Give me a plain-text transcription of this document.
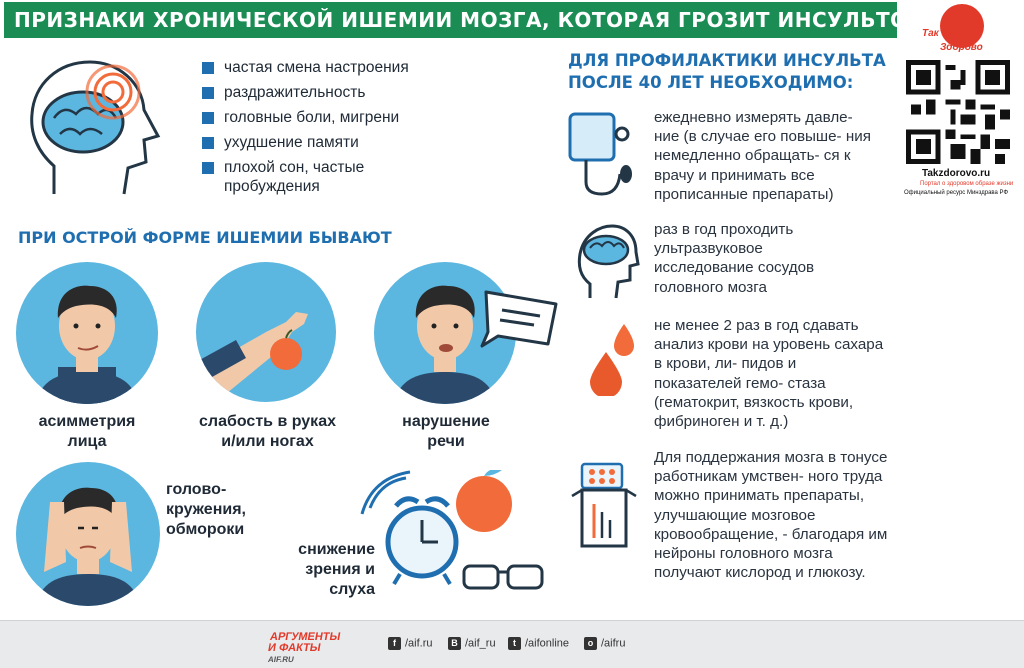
ПРИЗНАКИ ХРОНИЧЕСКОЙ ИШЕМИИ МОЗГА, КОТОРАЯ ГРОЗИТ ИНСУЛЬТОМ
частая смена настроения
раздражительность
головные боли, мигрени
ухудшение памяти
плохой сон, частые пробуждения
ПРИ ОСТРОЙ ФОРМЕ ИШЕМИИ БЫВАЮТ
асимметрия лица
слабость в руках и/или ногах
нарушение речи
голово- кружения, обмороки
снижение зрения и слуха
ДЛЯ ПРОФИЛАКТИКИ ИНСУЛЬТА ПОСЛЕ 40 ЛЕТ НЕОБХОДИМО:
ежедневно измерять давле- ние (в случае его повыше- ния немедленно обращать- ся к врачу и принимать все прописанные препараты)
раз в год проходить ультразвуковое исследование сосудов головного мозга
не менее 2 раз в год сдавать анализ крови на уровень сахара в крови, ли- пидов и показателей гемо- стаза (гематокрит, вязкость крови, фибриноген и т. д.)
Для поддержания мозга в тонусе работникам умствен- ного труда можно принимать препараты, улучшающие мозговое кровообращение, - благодаря им нейроны головного мозга получают кислород и глюкозу.
Так
Здорово
Takzdorovo.ru
Портал о здоровом образе жизни
Официальный ресурс Минздрава РФ
АРГУМЕНТЫ
И ФАКТЫ AIF.RU
f /aif.ru	B /aif_ru	t /aifonline	o /aifru
